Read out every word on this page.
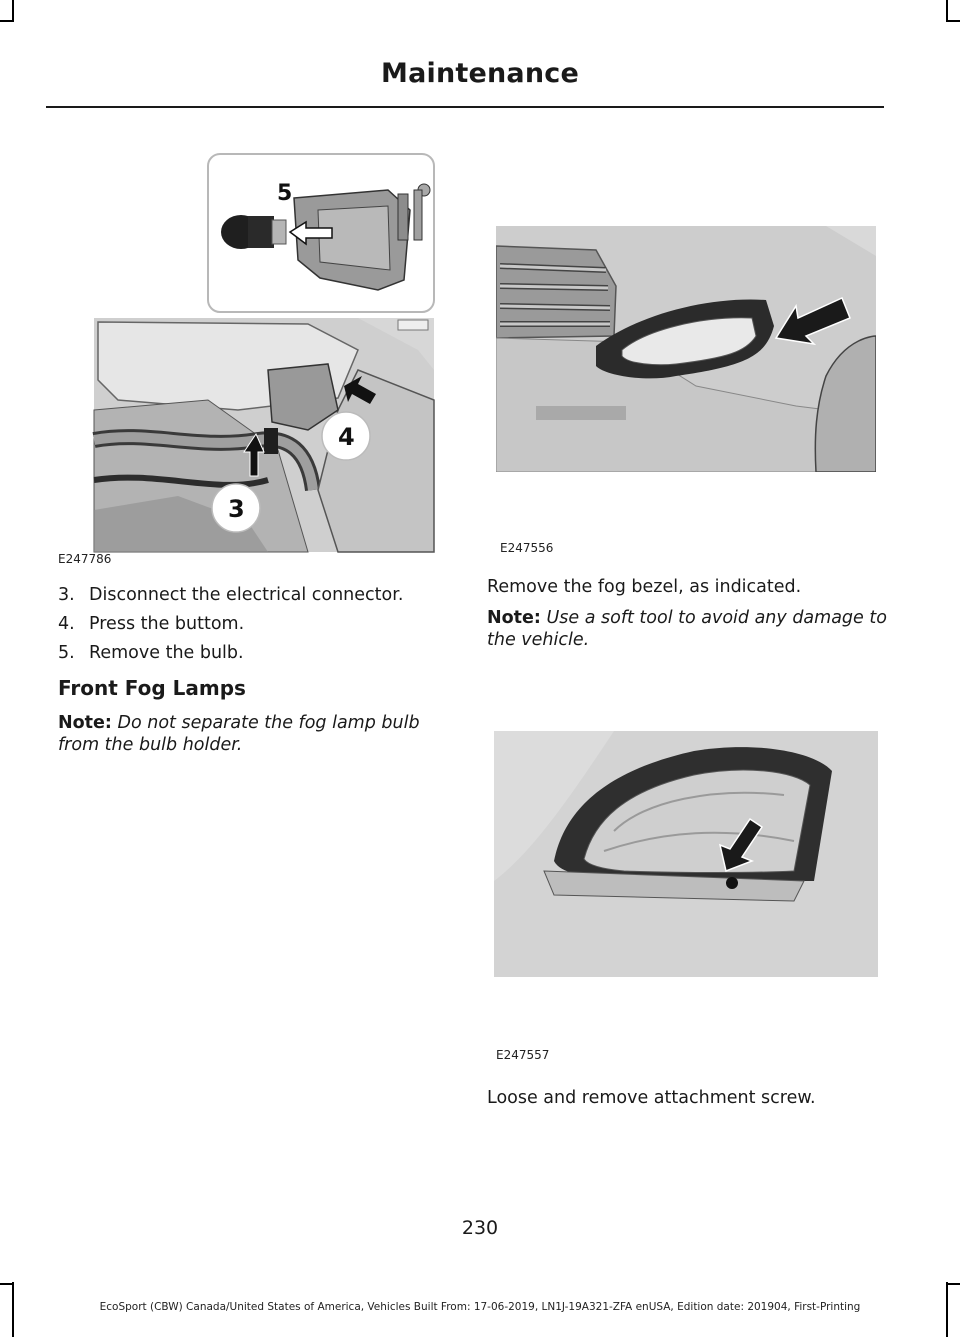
Maintenance
5
4
3
E247786
E247556
E247557
3. Disconnect the electrical connector.
4. Press the buttom.
5. Remove the bulb.
Front Fog Lamps
Note: Do not separate the fog lamp bulb from the bulb holder.
Remove the fog bezel, as indicated.
Note: Use a soft tool to avoid any damage to the vehicle.
Loose and remove attachment screw.
230
EcoSport (CBW) Canada/United States of America, Vehicles Built From: 17-06-2019, LN1J-19A321-ZFA enUSA, Edition date: 201904, First-Printing
